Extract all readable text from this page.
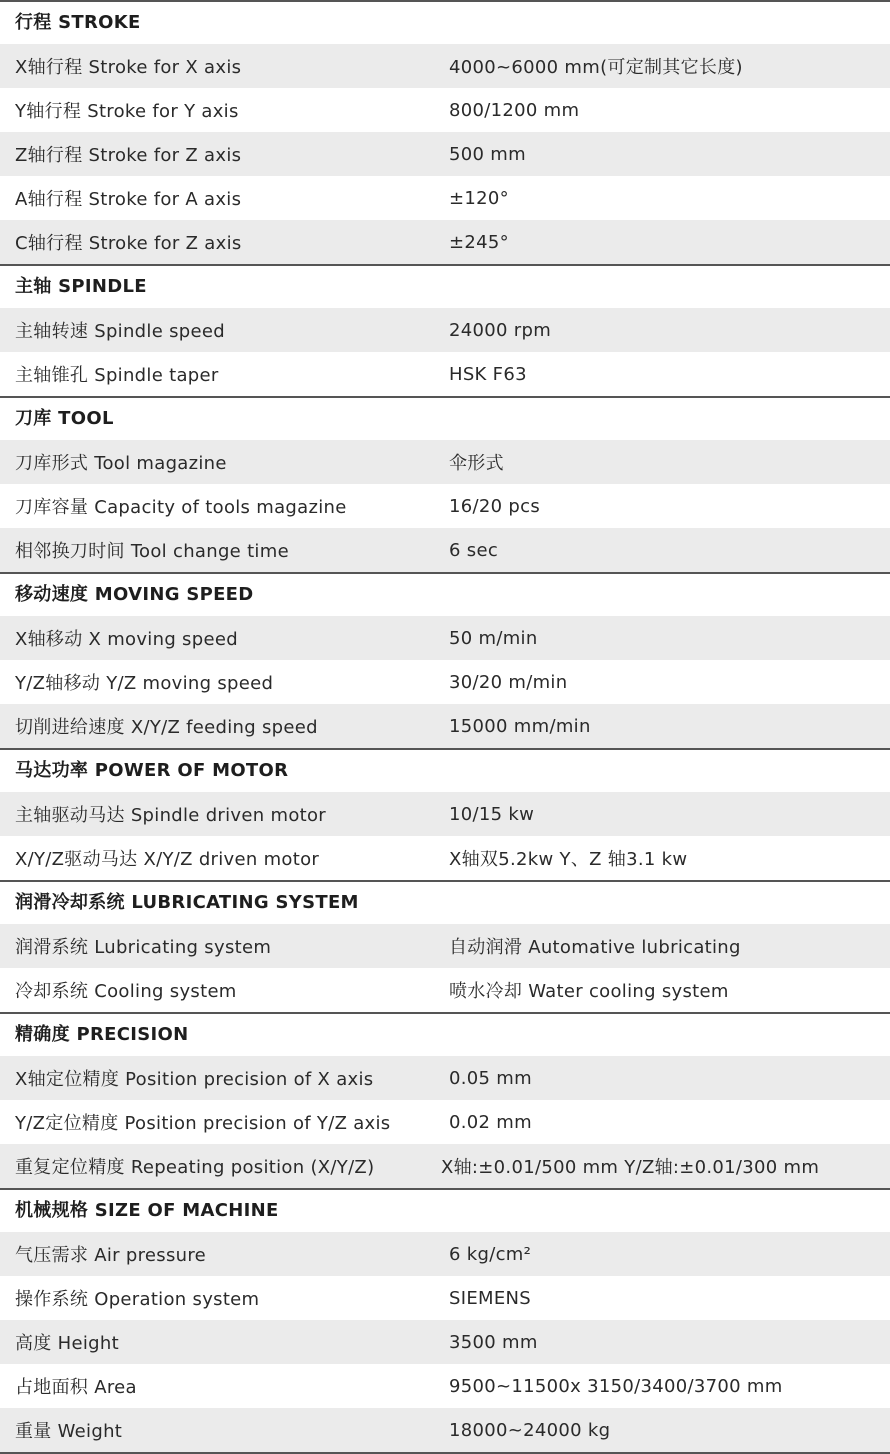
行程 STROKE
X轴行程 Stroke for X axis	4000~6000 mm(可定制其它长度)
Y轴行程 Stroke for Y axis	800/1200 mm
Z轴行程 Stroke for Z axis	500 mm
A轴行程 Stroke for A axis	±120°
C轴行程 Stroke for Z axis	±245°
主轴 SPINDLE
主轴转速 Spindle speed	24000 rpm
主轴锥孔 Spindle taper	HSK F63
刀库 TOOL
刀库形式 Tool magazine	伞形式
刀库容量 Capacity of tools magazine	16/20 pcs
相邻换刀时间 Tool change time	6 sec
移动速度 MOVING SPEED
X轴移动 X moving speed	50 m/min
Y/Z轴移动 Y/Z moving speed	30/20 m/min
切削进给速度 X/Y/Z feeding speed	15000 mm/min
马达功率 POWER OF MOTOR
主轴驱动马达 Spindle driven motor	10/15 kw
X/Y/Z驱动马达 X/Y/Z driven motor	X轴双5.2kw Y、Z 轴3.1 kw
润滑冷却系统 LUBRICATING SYSTEM
润滑系统 Lubricating system	自动润滑 Automative lubricating
冷却系统 Cooling system	喷水冷却 Water cooling system
精确度 PRECISION
X轴定位精度 Position precision of X axis	0.05 mm
Y/Z定位精度 Position precision of Y/Z axis	0.02 mm
重复定位精度 Repeating position (X/Y/Z)	X轴:±0.01/500 mm Y/Z轴:±0.01/300 mm
机械规格 SIZE OF MACHINE
气压需求 Air pressure	6 kg/cm²
操作系统 Operation system	SIEMENS
高度 Height	3500 mm
占地面积 Area	9500~11500x 3150/3400/3700 mm
重量 Weight	18000~24000 kg
